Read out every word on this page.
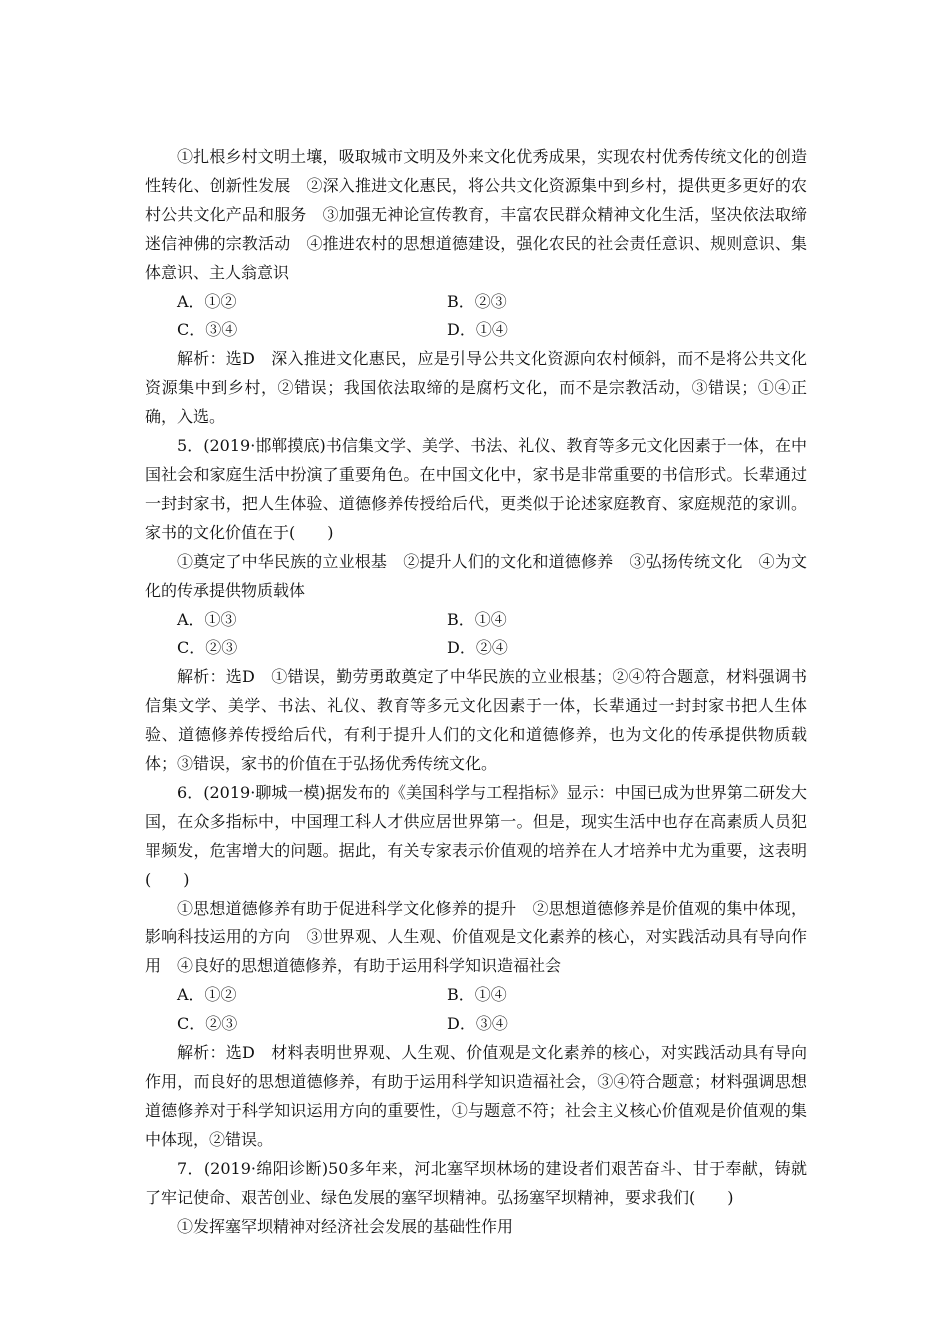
①扎根乡村文明土壤，吸取城市文明及外来文化优秀成果，实现农村优秀传统文化的创造性转化、创新性发展　②深入推进文化惠民，将公共文化资源集中到乡村，提供更多更好的农村公共文化产品和服务　③加强无神论宣传教育，丰富农民群众精神文化生活，坚决依法取缔迷信神佛的宗教活动　④推进农村的思想道德建设，强化农民的社会责任意识、规则意识、集体意识、主人翁意识

A．①②	B．②③
C．③④	D．①④

解析：选D　深入推进文化惠民，应是引导公共文化资源向农村倾斜，而不是将公共文化资源集中到乡村，②错误；我国依法取缔的是腐朽文化，而不是宗教活动，③错误；①④正确，入选。

5．(2019·邯郸摸底)书信集文学、美学、书法、礼仪、教育等多元文化因素于一体，在中国社会和家庭生活中扮演了重要角色。在中国文化中，家书是非常重要的书信形式。长辈通过一封封家书，把人生体验、道德修养传授给后代，更类似于论述家庭教育、家庭规范的家训。家书的文化价值在于(　　)

①奠定了中华民族的立业根基　②提升人们的文化和道德修养　③弘扬传统文化　④为文化的传承提供物质载体

A．①③	B．①④
C．②③	D．②④

解析：选D　①错误，勤劳勇敢奠定了中华民族的立业根基；②④符合题意，材料强调书信集文学、美学、书法、礼仪、教育等多元文化因素于一体，长辈通过一封封家书把人生体验、道德修养传授给后代，有利于提升人们的文化和道德修养，也为文化的传承提供物质载体；③错误，家书的价值在于弘扬优秀传统文化。

6．(2019·聊城一模)据发布的《美国科学与工程指标》显示：中国已成为世界第二研发大国，在众多指标中，中国理工科人才供应居世界第一。但是，现实生活中也存在高素质人员犯罪频发，危害增大的问题。据此，有关专家表示价值观的培养在人才培养中尤为重要，这表明(　　)

①思想道德修养有助于促进科学文化修养的提升　②思想道德修养是价值观的集中体现，影响科技运用的方向　③世界观、人生观、价值观是文化素养的核心，对实践活动具有导向作用　④良好的思想道德修养，有助于运用科学知识造福社会

A．①②	B．①④
C．②③	D．③④

解析：选D　材料表明世界观、人生观、价值观是文化素养的核心，对实践活动具有导向作用，而良好的思想道德修养，有助于运用科学知识造福社会，③④符合题意；材料强调思想道德修养对于科学知识运用方向的重要性，①与题意不符；社会主义核心价值观是价值观的集中体现，②错误。

7．(2019·绵阳诊断)50多年来，河北塞罕坝林场的建设者们艰苦奋斗、甘于奉献，铸就了牢记使命、艰苦创业、绿色发展的塞罕坝精神。弘扬塞罕坝精神，要求我们(　　)

①发挥塞罕坝精神对经济社会发展的基础性作用
